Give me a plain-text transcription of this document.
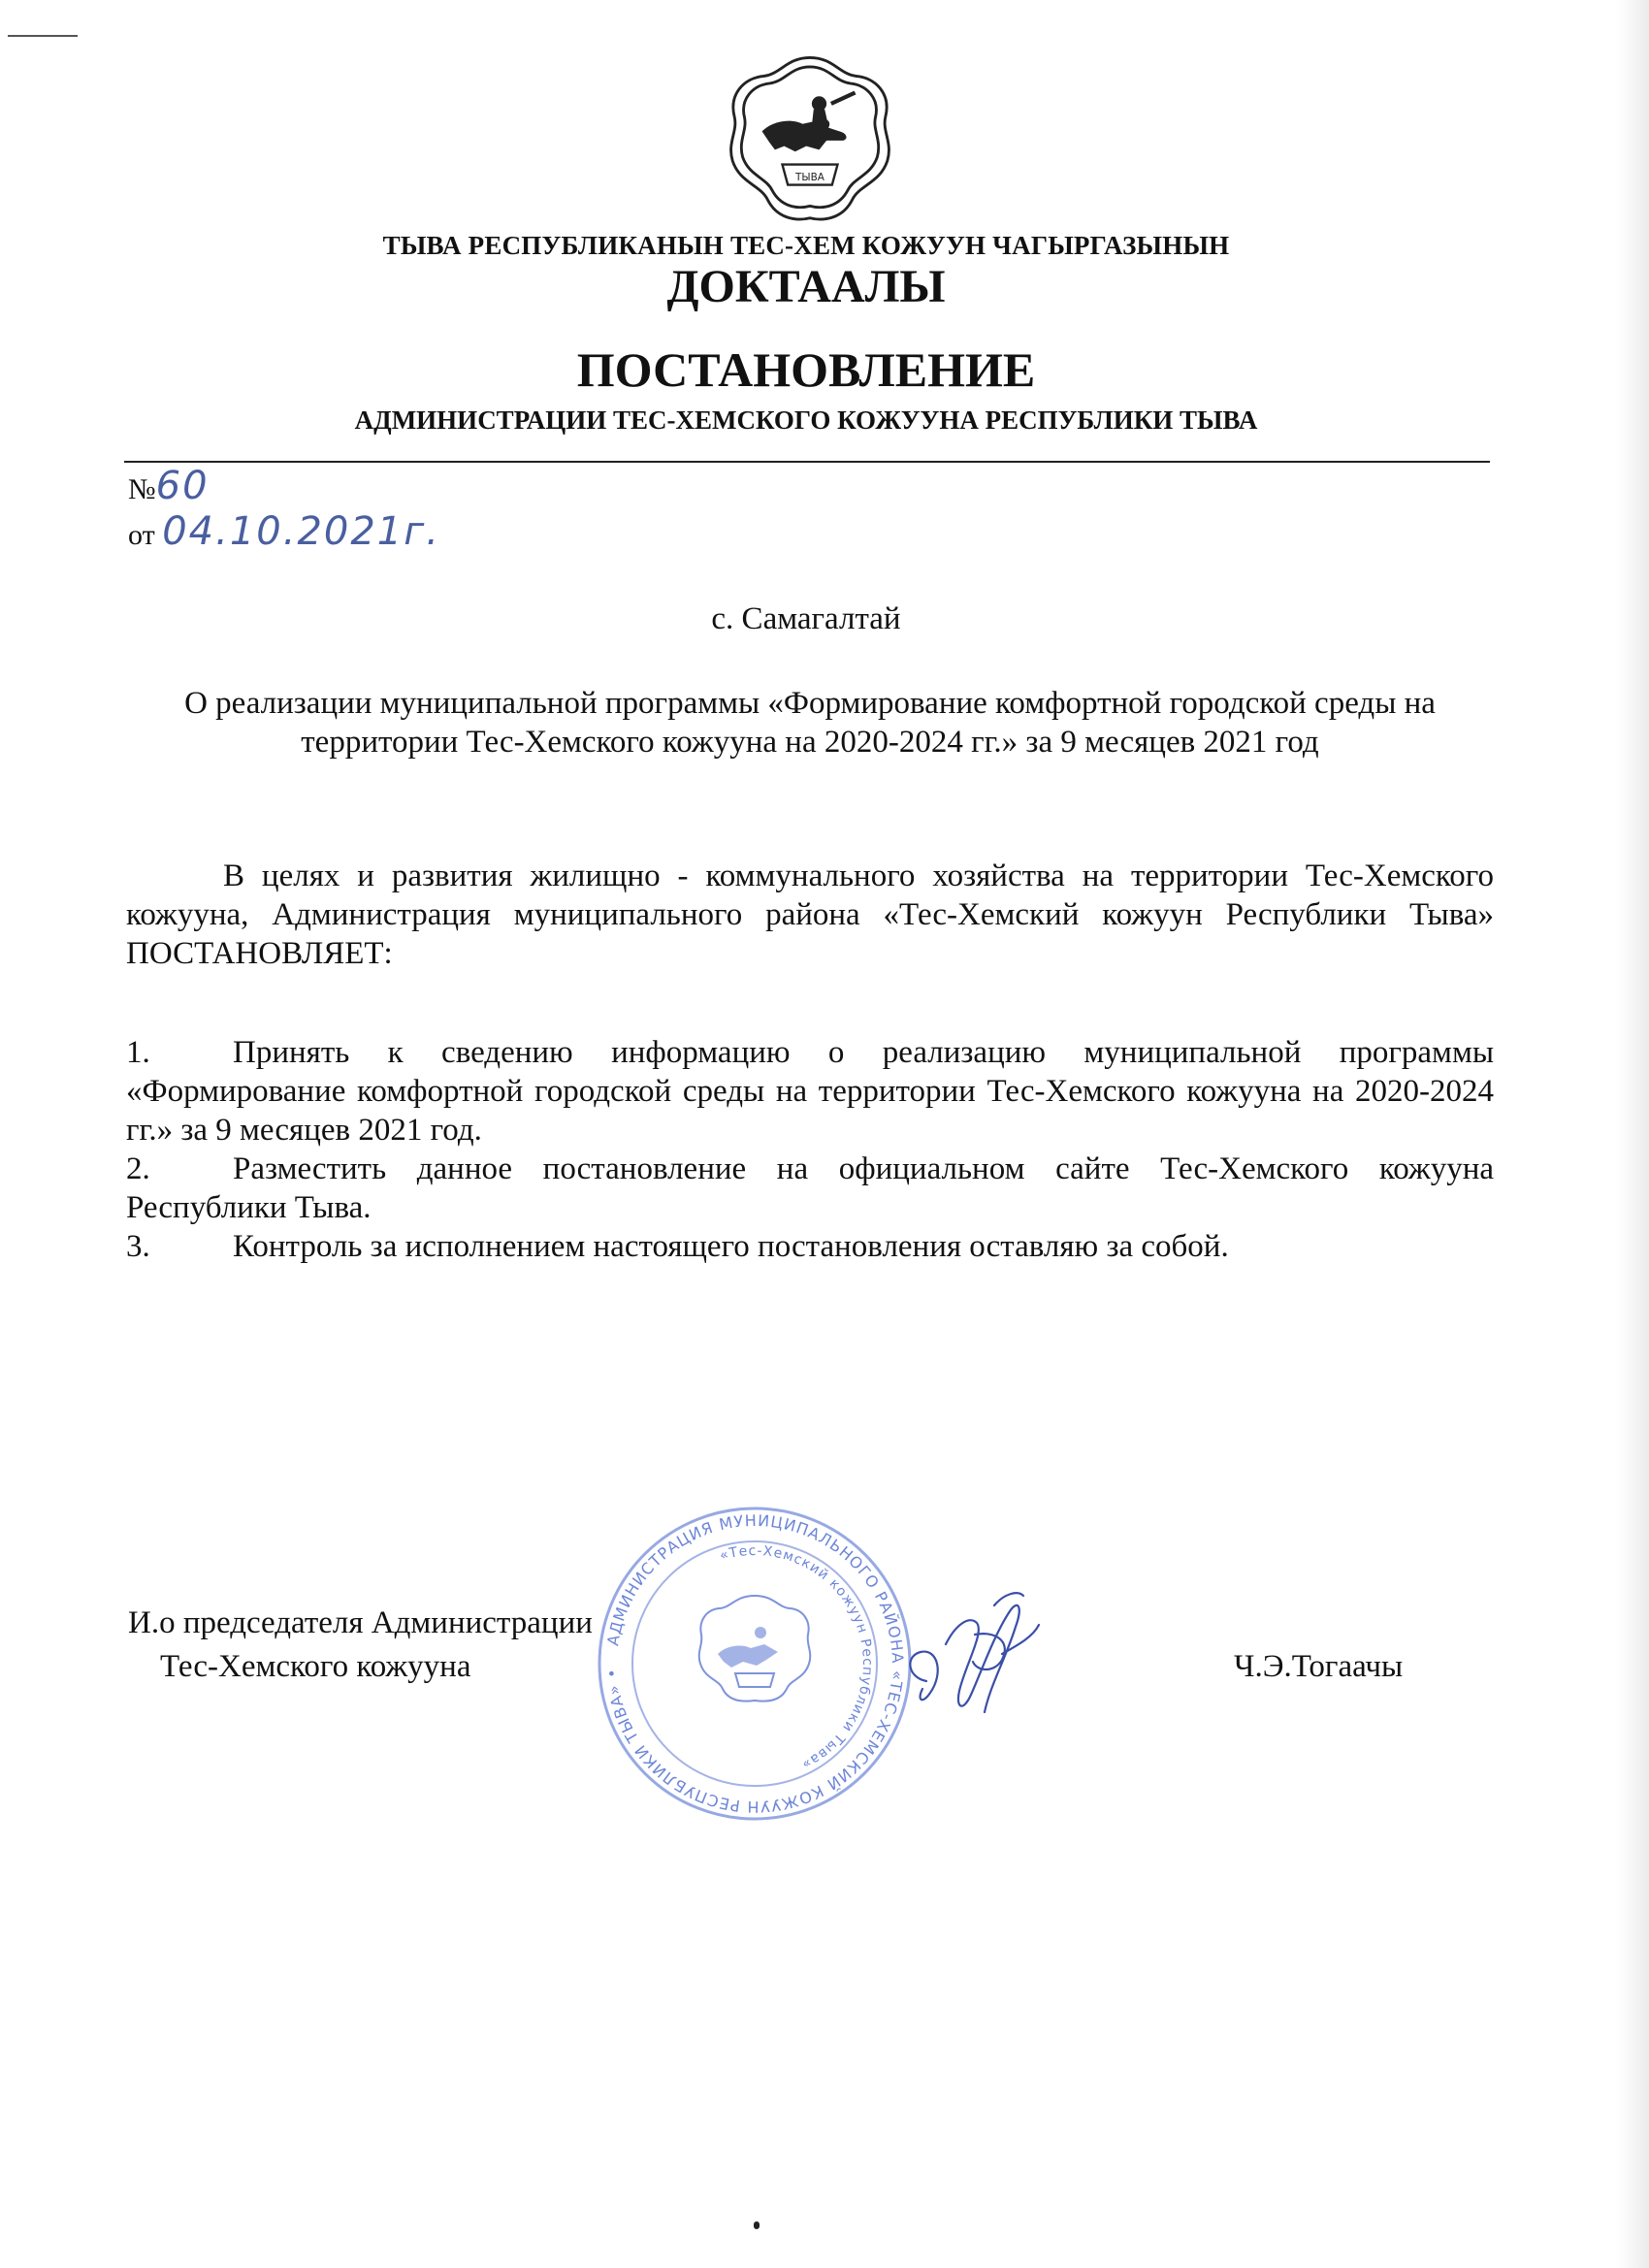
ТЫВА
ТЫВА РЕСПУБЛИКАНЫН ТЕС-ХЕМ КОЖУУН ЧАГЫРГАЗЫНЫН
ДОКТААЛЫ
ПОСТАНОВЛЕНИЕ
АДМИНИСТРАЦИИ ТЕС-ХЕМСКОГО КОЖУУНА РЕСПУБЛИКИ ТЫВА
№60
от 04.10.2021г.
с. Самагалтай
О реализации муниципальной программы «Формирование комфортной городской среды на территории Тес-Хемского кожууна на 2020-2024 гг.» за 9 месяцев 2021 год
В целях и развития жилищно - коммунального хозяйства на территории Тес-Хемского кожууна, Администрация муниципального района «Тес-Хемский кожуун Республики Тыва» ПОСТАНОВЛЯЕТ:
1.	Принять к сведению информацию о реализацию муниципальной программы «Формирование комфортной городской среды на территории Тес-Хемского кожууна на 2020-2024 гг.» за 9 месяцев 2021 год.
2.	Разместить данное постановление на официальном сайте Тес-Хемского кожууна Республики Тыва.
3.	Контроль за исполнением настоящего постановления оставляю за собой.
АДМИНИСТРАЦИЯ МУНИЦИПАЛЬНОГО РАЙОНА «ТЕС-ХЕМСКИЙ КОЖУУН РЕСПУБЛИКИ ТЫВА» •
«Тес-Хемский кожуун Республики Тыва»
И.о председателя Администрации
Тес-Хемского кожууна	Ч.Э.Тогаачы
